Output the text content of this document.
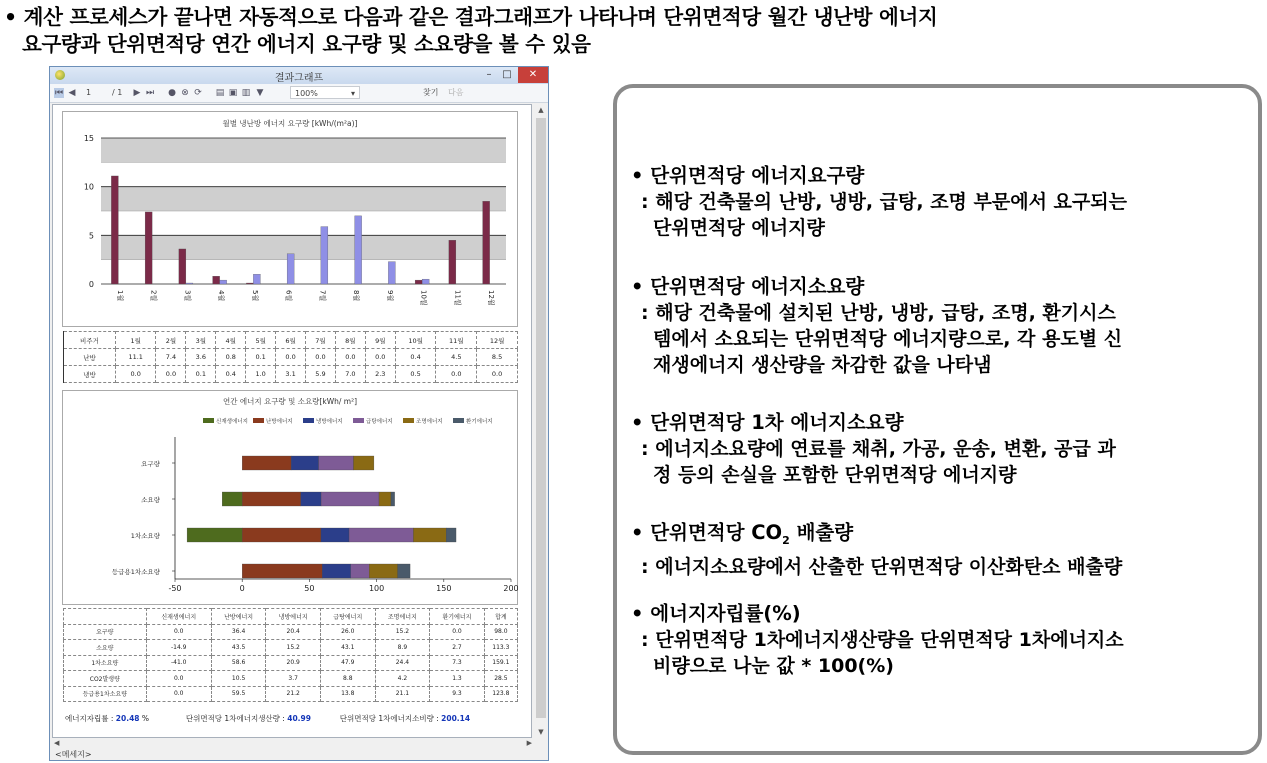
• 계산 프로세스가 끝나면 자동적으로 다음과 같은 결과그래프가 나타나며 단위면적당 월간 냉난방 에너지
요구량과 단위면적당 연간 에너지 요구량 및 소요량을 볼 수 있음
결과그래프	–	□	✕
⏮ ◀ 1	/ 1 ▶ ⏭ ● ⊗ ⟳ ▤ ▣ ▥ ▼	100%	▾	찾기 다음
월별 냉난방 에너지 요구량 [kWh/(m²a)]
0
5
10
15
1월	2월	3월	4월	5월	6월	7월	8월	9월	10월	11월	12월
비주거	1월	2월	3월	4월	5월	6월	7월	8월	9월	10월	11월	12월
난방	11.1	7.4	3.6	0.8	0.1	0.0	0.0	0.0	0.0	0.4	4.5	8.5
냉방	0.0	0.0	0.1	0.4	1.0	3.1	5.9	7.0	2.3	0.5	0.0	0.0
연간 에너지 요구량 및 소요량[kWh/ m²]
신재생에너지	난방에너지	냉방에너지	급탕에너지	조명에너지	환기에너지
-50	0	50	100	150	200
요구량
소요량
1차소요량
등급용1차소요량
	신재생에너지	난방에너지	냉방에너지	급탕에너지	조명에너지	환기에너지	합계
요구량	0.0	36.4	20.4	26.0	15.2	0.0	98.0
소요량	-14.9	43.5	15.2	43.1	8.9	2.7	113.3
1차소요량	-41.0	58.6	20.9	47.9	24.4	7.3	159.1
CO2발생량	0.0	10.5	3.7	8.8	4.2	1.3	28.5
등급용1차소요량	0.0	59.5	21.2	13.8	21.1	9.3	123.8
에너지자립률 : 20.48 %	단위면적당 1차에너지생산량 : 40.99	단위면적당 1차에너지소비량 : 200.14
▲
▼
◀	▶
<메세지>
• 단위면적당 에너지요구량
: 해당 건축물의 난방, 냉방, 급탕, 조명 부문에서 요구되는
단위면적당 에너지량
• 단위면적당 에너지소요량
: 해당 건축물에 설치된 난방, 냉방, 급탕, 조명, 환기시스
템에서 소요되는 단위면적당 에너지량으로, 각 용도별 신
재생에너지 생산량을 차감한 값을 나타냄
• 단위면적당 1차 에너지소요량
: 에너지소요량에 연료를 채취, 가공, 운송, 변환, 공급 과
정 등의 손실을 포함한 단위면적당 에너지량
• 단위면적당 $CO_2$ 배출량
: 에너지소요량에서 산출한 단위면적당 이산화탄소 배출량
• 에너지자립률(%)
: 단위면적당 1차에너지생산량을 단위면적당 1차에너지소
비량으로 나눈 값 * 100(%)
